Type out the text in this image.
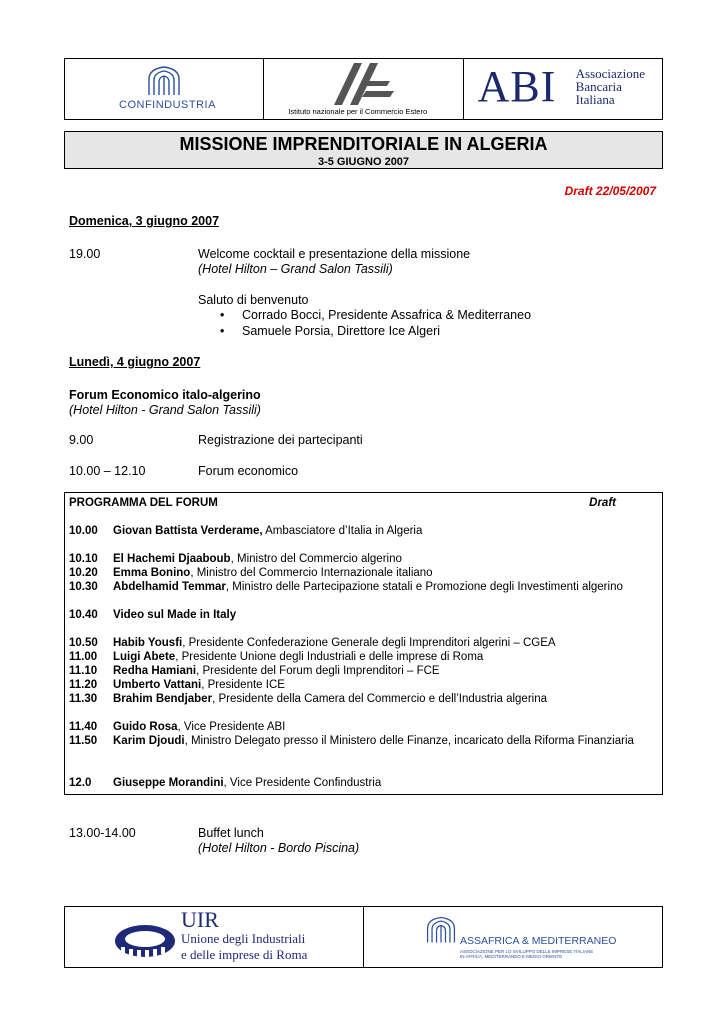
CONFINDUSTRIA
Istituto nazionale per il Commercio Estero
ABI Associazione
Bancaria
Italiana
MISSIONE IMPRENDITORIALE IN ALGERIA
3-5 GIUGNO 2007
Draft 22/05/2007
Domenica, 3 giugno 2007
19.00	Welcome cocktail e presentazione della missione
(Hotel Hilton – Grand Salon Tassili)
Saluto di benvenuto
• Corrado Bocci, Presidente Assafrica & Mediterraneo
• Samuele Porsia, Direttore Ice Algeri
Lunedì, 4 giugno 2007
Forum Economico italo-algerino
(Hotel Hilton - Grand Salon Tassili)
9.00	Registrazione dei partecipanti
10.00 – 12.10	Forum economico
PROGRAMMA DEL FORUM	Draft
10.00	Giovan Battista Verderame, Ambasciatore d’Italia in Algeria
10.10	El Hachemi Djaaboub, Ministro del Commercio algerino
10.20	Emma Bonino, Ministro del Commercio Internazionale italiano
10.30	Abdelhamid Temmar, Ministro delle Partecipazione statali e Promozione degli Investimenti algerino
10.40	Video sul Made in Italy
10.50	Habib Yousfi, Presidente Confederazione Generale degli Imprenditori algerini – CGEA
11.00	Luigi Abete, Presidente Unione degli Industriali e delle imprese di Roma
11.10	Redha Hamiani, Presidente del Forum degli Imprenditori – FCE
11.20	Umberto Vattani, Presidente ICE
11.30	Brahim Bendjaber, Presidente della Camera del Commercio e dell’Industria algerina
11.40	Guido Rosa, Vice Presidente ABI
11.50	Karim Djoudi, Ministro Delegato presso il Ministero delle Finanze, incaricato della Riforma Finanziaria
12.0	Giuseppe Morandini, Vice Presidente Confindustria
13.00-14.00	Buffet lunch
(Hotel Hilton - Bordo Piscina)
UIR
Unione degli Industriali
e delle imprese di Roma
ASSAFRICA & MEDITERRANEO
ASSOCIAZIONE PER LO SVILUPPO DELLE IMPRESE ITALIANE
IN AFRICA, MEDITERRANEO E MEDIO ORIENTE
